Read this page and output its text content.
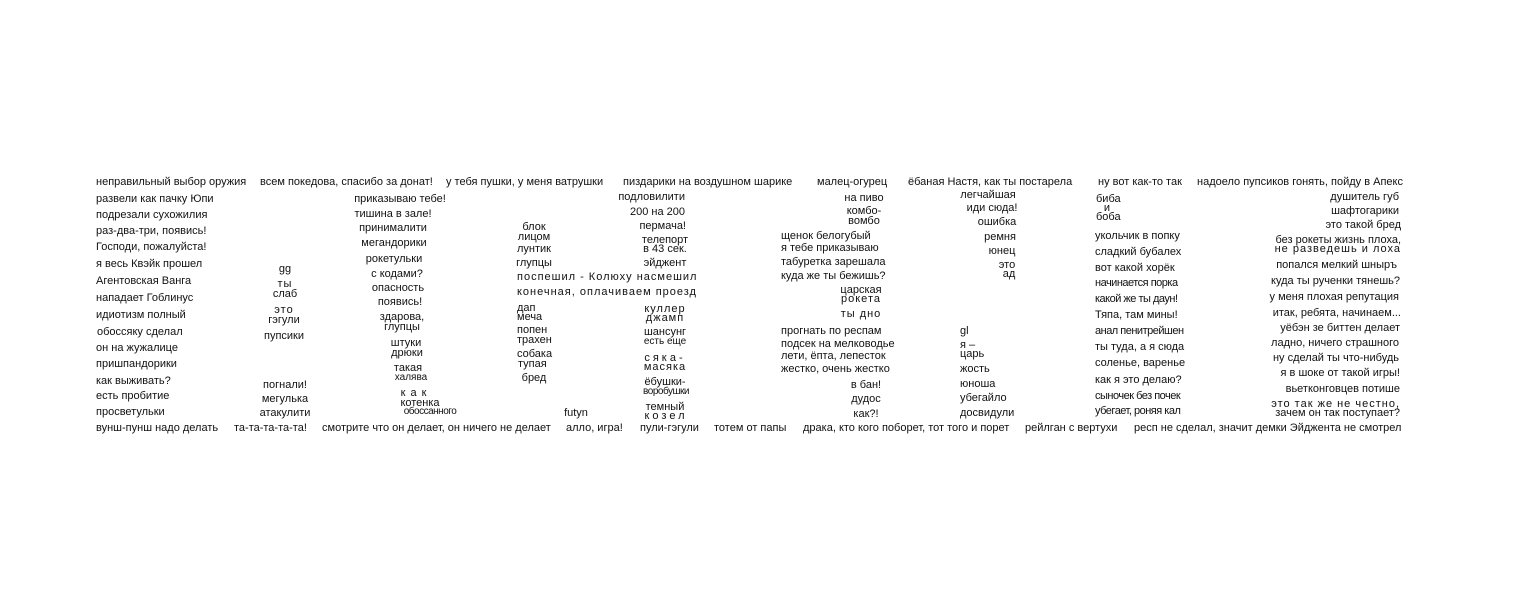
неправильный выбор оружия всем покедова, спасибо за донат! у тебя пушки, у меня ватрушки пиздарики на воздушном шарике малец-огурец ёбаная Настя, как ты постарела ну вот как-то так надоело пупсиков гонять, пойду в Апекс
развели как пачку Юпи
подрезали сухожилия
раз-два-три, появись!
Господи, пожалуйста!
я весь Квэйк прошел
Агентовская Ванга
нападает Гоблинус
идиотизм полный
обоссяку сделал
он на жужалице
пришпандорики
как выживать?
есть пробитие
просветульки
gg
ты
слаб
это
гэгули
пупсики
погнали!
мегулька
атакулити
приказываю тебе!
тишина в зале!
принималити
мегандорики
рокетульки
с кодами?
опасность
появись!
здарова,
глупцы
штуки
дрюки
такая
халява
к а к
котенка
обоссанного
блок
лицом
лунтик
глупцы
поспешил - Колюху насмешил
конечная, оплачиваем проезд
дап
меча
попен
трахен
собака
тупая
бред
futyn
подловилити
200 на 200
пермача!
телепорт
в 43 сек.
эйджент
куллер
джамп
шансунг
есть еще
сяка-
масяка
ёбушки-
воробушки
темный
козел
на пиво
комбо-
вомбо
щенок белогубый
я тебе приказываю
табуретка зарешала
куда же ты бежишь?
царская
рокета
ты дно
прогнать по респам
подсек на мелководье
лети, ёпта, лепесток
жестко, очень жестко
в бан!
дудос
как?!
легчайшая
иди сюда!
ошибка
ремня
юнец
это
ад
gl
я –
царь
жость
юноша
убегайло
досвидули
биба
и
боба
укольчик в попку
сладкий бубалех
вот какой хорёк
начинается порка
какой же ты даун!
Тяпа, там мины!
анал пенитрейшен
ты туда, а я сюда
соленье, варенье
как я это делаю?
сыночек без почек
убегает, роняя кал
душитель губ
шафтогарики
это такой бред
без рокеты жизнь плоха,
не разведешь и лоха
попался мелкий шныръ
куда ты рученки тянешь?
у меня плохая репутация
итак, ребята, начинаем...
уёбэн зе биттен делает
ладно, ничего страшного
ну сделай ты что-нибудь
я в шоке от такой игры!
вьетконговцев потише
это так же не честно,
зачем он так поступает?
вунш-пунш надо делать та-та-та-та-та! смотрите что он делает, он ничего не делает алло, игра! пули-гэгули тотем от папы драка, кто кого поборет, тот того и порет рейлган с вертухи респ не сделал, значит демки Эйджента не смотрел
